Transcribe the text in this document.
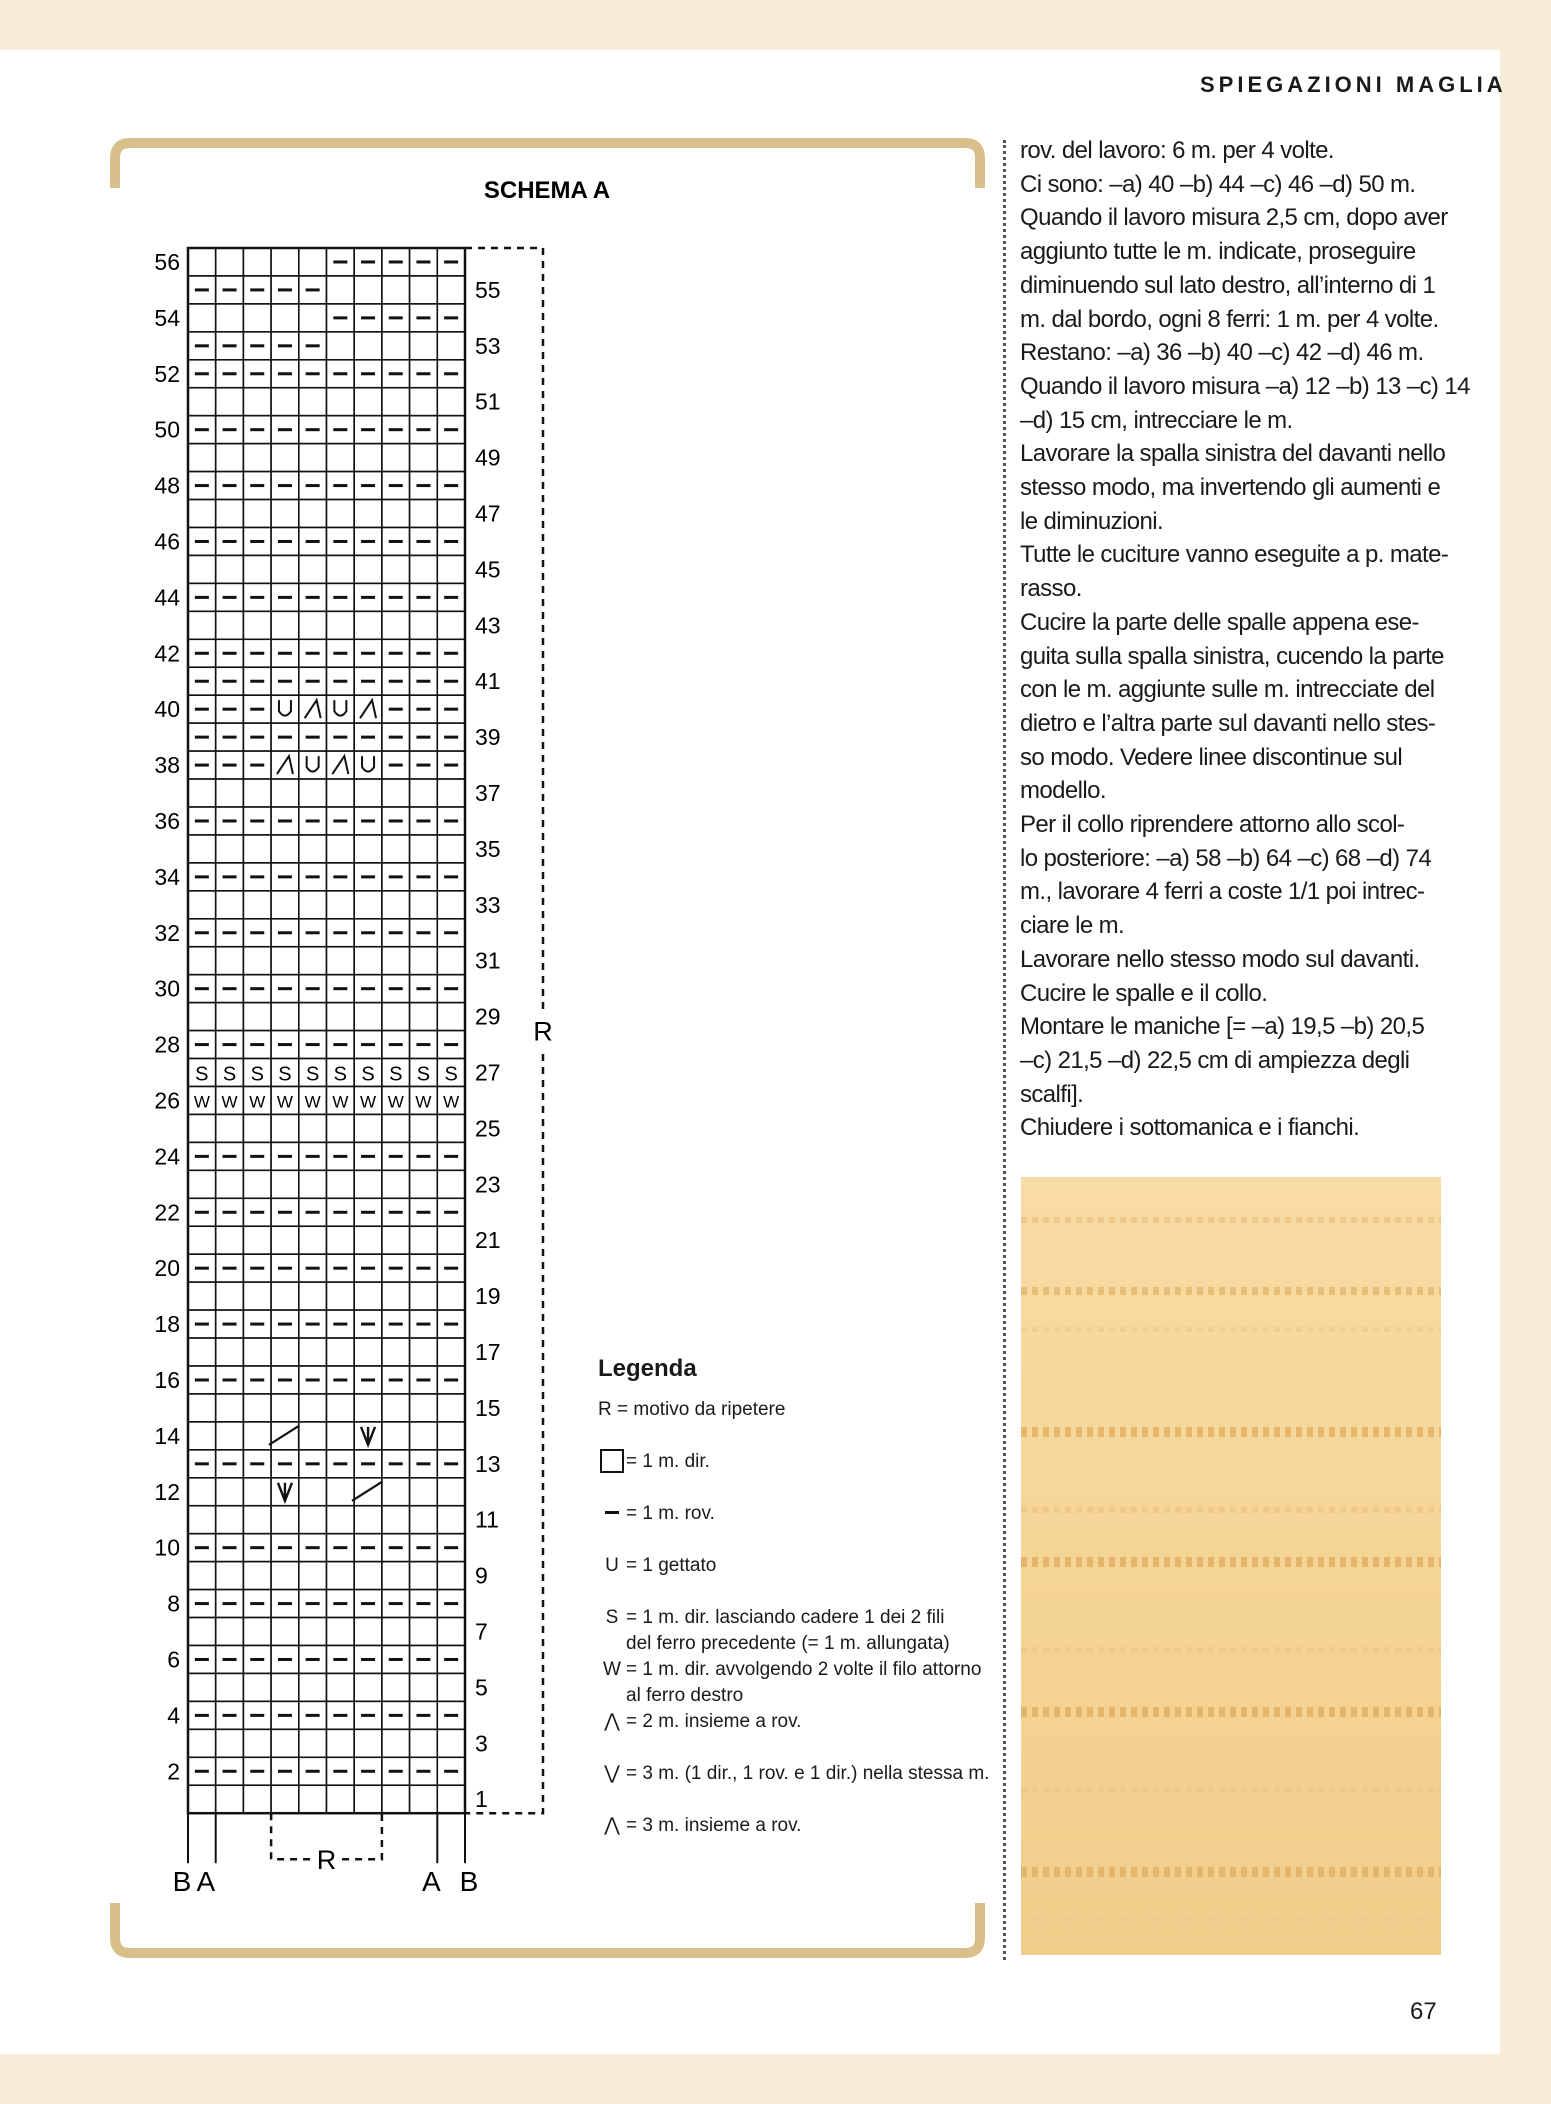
SPIEGAZIONI MAGLIA
SCHEMA A
S S S S S S S S S S
W W W W W W W W W W
56
54
52
50
48
46
44
42
40
38
36
34
32
30
28
26
24
22
20
18
16
14
12
10
8
6
4
2
55
53
51
49
47
45
43
41
39
37
35
33
31
29
27
25
23
21
19
17
15
13
11
9
7
5
3
1
R
R
B A	A B
Legenda
R = motivo da ripetere
= 1 m. dir.
= 1 m. rov.
U = 1 gettato
S = 1 m. dir. lasciando cadere 1 dei 2 fili
del ferro precedente (= 1 m. allungata)
W = 1 m. dir. avvolgendo 2 volte il filo attorno
al ferro destro
⋀ = 2 m. insieme a rov.
⋁ = 3 m. (1 dir., 1 rov. e 1 dir.) nella stessa m.
⋀ = 3 m. insieme a rov.
rov. del lavoro: 6 m. per 4 volte.
Ci sono: –a) 40 –b) 44 –c) 46 –d) 50 m.
Quando il lavoro misura 2,5 cm, dopo aver
aggiunto tutte le m. indicate, proseguire
diminuendo sul lato destro, all’interno di 1
m. dal bordo, ogni 8 ferri: 1 m. per 4 volte.
Restano: –a) 36 –b) 40 –c) 42 –d) 46 m.
Quando il lavoro misura –a) 12 –b) 13 –c) 14
–d) 15 cm, intrecciare le m.
Lavorare la spalla sinistra del davanti nello
stesso modo, ma invertendo gli aumenti e
le diminuzioni.
Tutte le cuciture vanno eseguite a p. mate-
rasso.
Cucire la parte delle spalle appena ese-
guita sulla spalla sinistra, cucendo la parte
con le m. aggiunte sulle m. intrecciate del
dietro e l’altra parte sul davanti nello stes-
so modo. Vedere linee discontinue sul
modello.
Per il collo riprendere attorno allo scol-
lo posteriore: –a) 58 –b) 64 –c) 68 –d) 74
m., lavorare 4 ferri a coste 1/1 poi intrec-
ciare le m.
Lavorare nello stesso modo sul davanti.
Cucire le spalle e il collo.
Montare le maniche [= –a) 19,5 –b) 20,5
–c) 21,5 –d) 22,5 cm di ampiezza degli
scalfi].
Chiudere i sottomanica e i fianchi.
67
